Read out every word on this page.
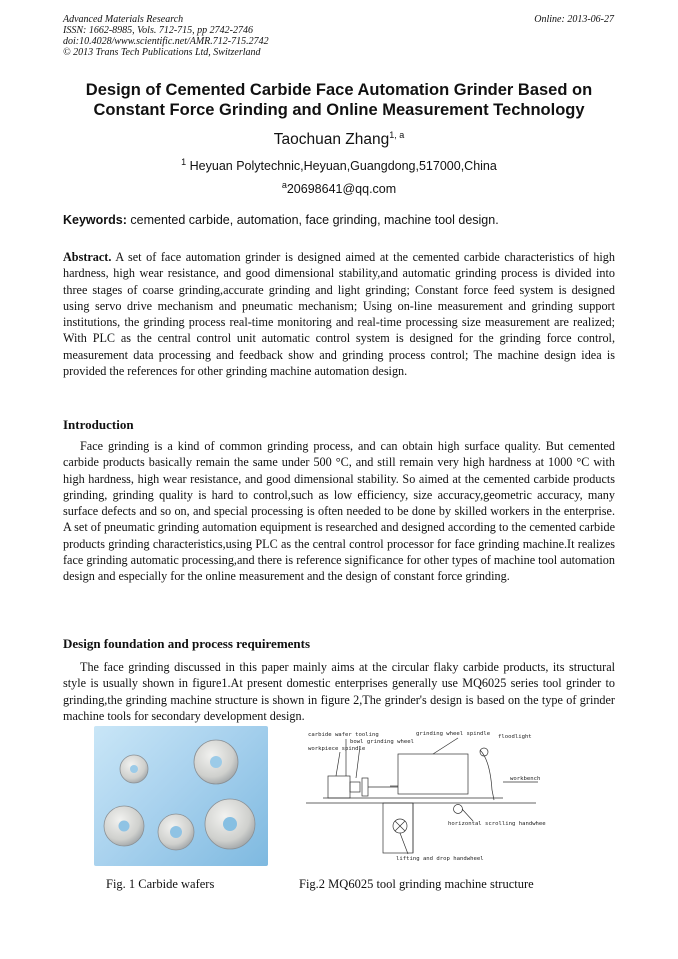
Advanced Materials Research
ISSN: 1662-8985, Vols. 712-715, pp 2742-2746
doi:10.4028/www.scientific.net/AMR.712-715.2742
© 2013 Trans Tech Publications Ltd, Switzerland
Online: 2013-06-27
Design of Cemented Carbide Face Automation Grinder Based on
Constant Force Grinding and Online Measurement Technology
Taochuan Zhang$^{1, a}$
$^1$ Heyuan Polytechnic,Heyuan,Guangdong,517000,China
$^a$20698641@qq.com
Keywords: cemented carbide, automation, face grinding, machine tool design.

Abstract. A set of face automation grinder is designed aimed at the cemented carbide characteristics of high hardness, high wear resistance, and good dimensional stability,and automatic grinding process is divided into three stages of coarse grinding,accurate grinding and light grinding; Constant force feed system is designed using servo drive mechanism and pneumatic mechanism; Using on-line measurement and grinding support institutions, the grinding process real-time monitoring and real-time processing size measurement are realized; With PLC as the central control unit automatic control system is designed for the grinding force control, measurement data processing and feedback show and grinding process control; The machine design idea is provided the references for other grinding machine automation design.

Introduction

Face grinding is a kind of common grinding process, and can obtain high surface quality. But cemented carbide products basically remain the same under 500 °C, and still remain very high hardness at 1000 °C with high hardness, high wear resistance, and good dimensional stability. So aimed at the cemented carbide products grinding, grinding quality is hard to control,such as low efficiency, size accuracy,geometric accuracy, many surface defects and so on, and special processing is often needed to be done by skilled workers in the enterprise. A set of pneumatic grinding automation equipment is researched and designed according to the cemented carbide products grinding characteristics,using PLC as the central control processor for face grinding machine.It realizes face grinding automatic processing,and there is reference significance for other types of machine tool automation design and especially for the online measurement and the design of constant force grinding.

Design foundation and process requirements

The face grinding discussed in this paper mainly aims at the circular flaky carbide products, its structural style is usually shown in figure1.At present domestic enterprises generally use MQ6025 series tool grinder to grinding,the grinding machine structure is shown in figure 2,The grinder's design is based on the type of grinder machine tools for secondary development design.

carbide wafer tooling
bowl grinding wheel
workpiece spindle
grinding wheel spindle floodlight
workbench
horizontal scrolling handwheel
lifting and drop handwheel
Fig. 1 Carbide wafers	Fig.2 MQ6025 tool grinding machine structure
